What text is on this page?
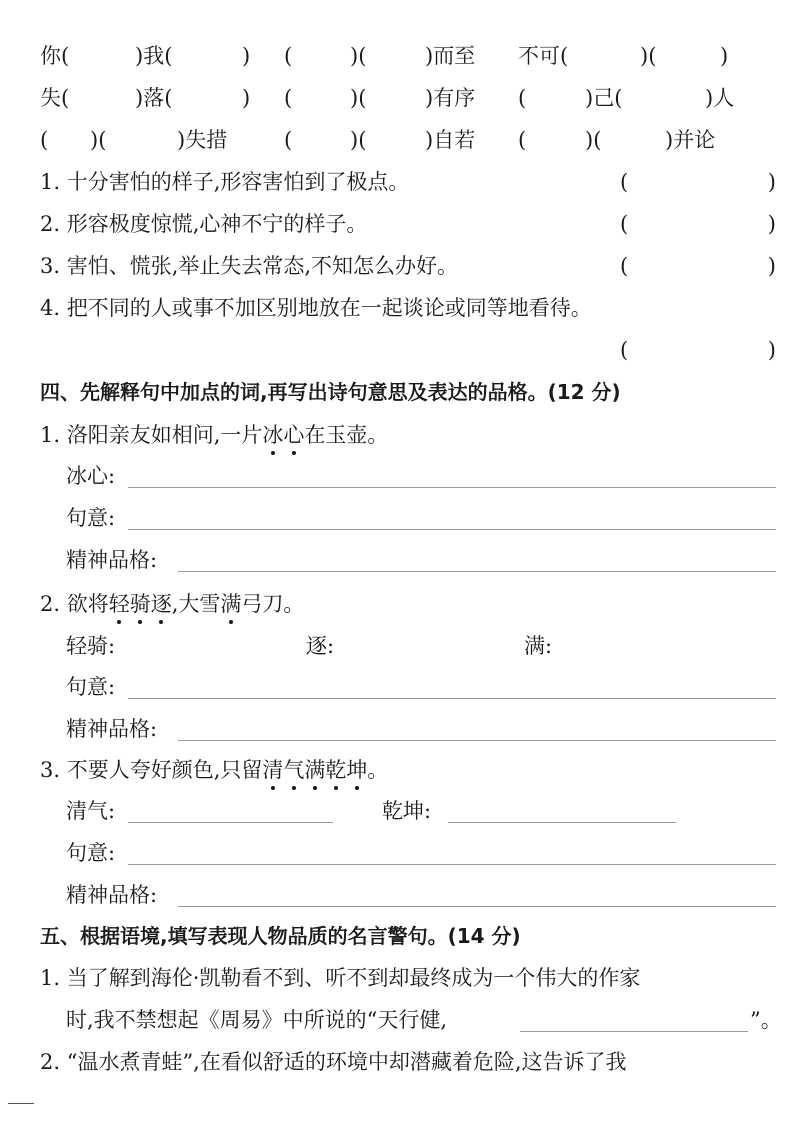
你(	)我(	) (	)(	)而至 不可(	)(	)
失(	)落(	) (	)(	)有序 (	)己(	)人
( )(	)失措	(	)(	)自若 (	)(	)并论
1. 十分害怕的样子,形容害怕到了极点。	(	)
2. 形容极度惊慌,心神不宁的样子。	(	)
3. 害怕、慌张,举止失去常态,不知怎么办好。	(	)
4. 把不同的人或事不加区别地放在一起谈论或同等地看待。
(	)
四、先解释句中加点的词,再写出诗句意思及表达的品格。(12 分)
1. 洛阳亲友如相问,一片冰心在玉壶。
冰心:
句意:
精神品格:
2. 欲将轻骑逐,大雪满弓刀。
轻骑:	逐:	满:
句意:
精神品格:
3. 不要人夸好颜色,只留清气满乾坤。
清气:	乾坤:
句意:
精神品格:
五、根据语境,填写表现人物品质的名言警句。(14 分)
1. 当了解到海伦·凯勒看不到、听不到却最终成为一个伟大的作家
时,我不禁想起《周易》中所说的“天行健,	”。
2. “温水煮青蛙”,在看似舒适的环境中却潜藏着危险,这告诉了我
